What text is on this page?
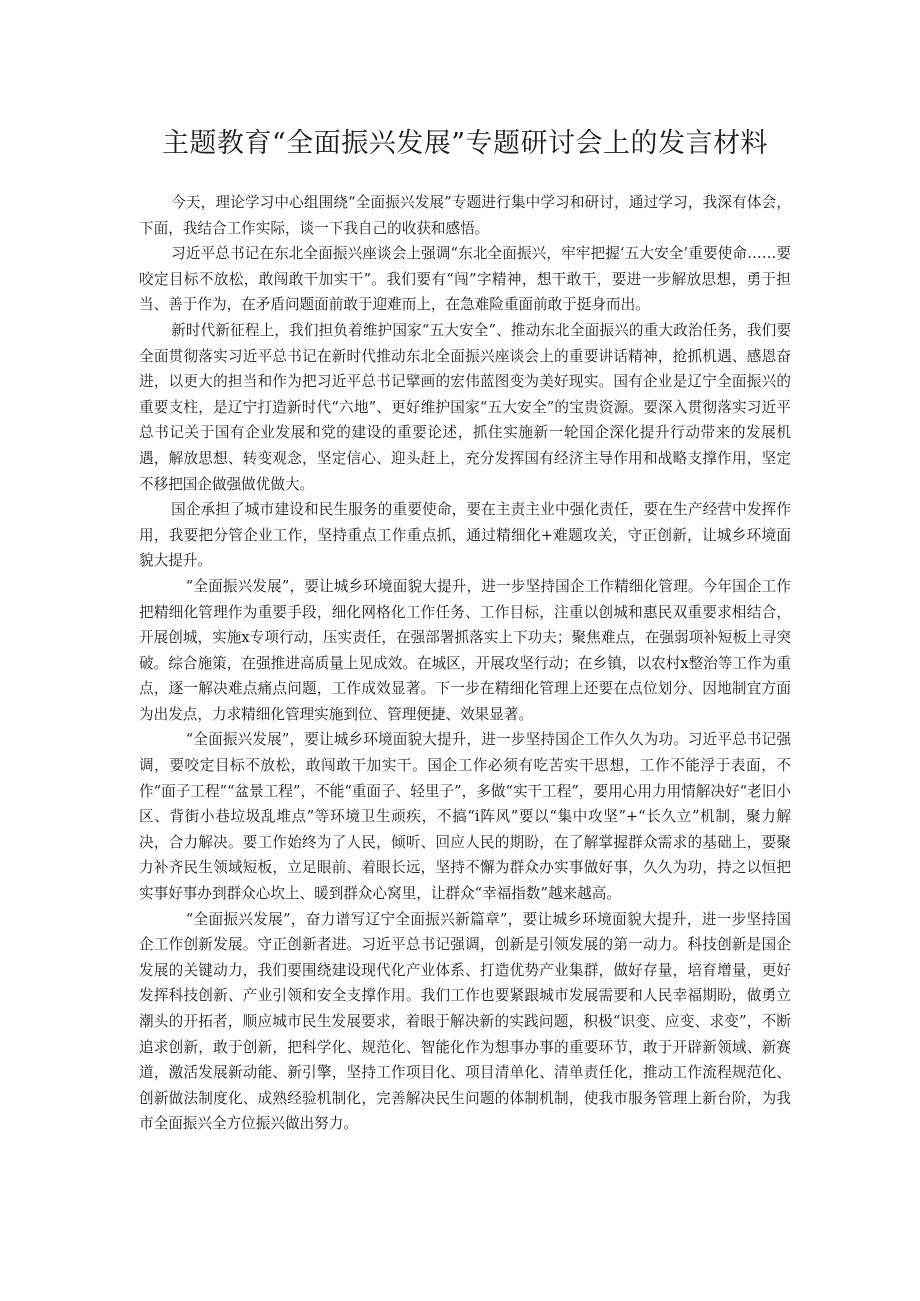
主题教育“全面振兴发展”专题研讨会上的发言材料

今天，理论学习中心组围绕“全面振兴发展”专题进行集中学习和研讨，通过学习，我深有体会，下面，我结合工作实际，谈一下我自己的收获和感悟。

习近平总书记在东北全面振兴座谈会上强调“东北全面振兴，牢牢把握‘五大安全’重要使命……要咬定目标不放松，敢闯敢干加实干”。我们要有“闯”字精神，想干敢干，要进一步解放思想，勇于担当、善于作为，在矛盾问题面前敢于迎难而上，在急难险重面前敢于挺身而出。

新时代新征程上，我们担负着维护国家“五大安全”、推动东北全面振兴的重大政治任务，我们要全面贯彻落实习近平总书记在新时代推动东北全面振兴座谈会上的重要讲话精神，抢抓机遇、感恩奋进，以更大的担当和作为把习近平总书记擘画的宏伟蓝图变为美好现实。国有企业是辽宁全面振兴的重要支柱，是辽宁打造新时代“六地”、更好维护国家“五大安全”的宝贵资源。要深入贯彻落实习近平总书记关于国有企业发展和党的建设的重要论述，抓住实施新一轮国企深化提升行动带来的发展机遇，解放思想、转变观念，坚定信心、迎头赶上，充分发挥国有经济主导作用和战略支撑作用，坚定不移把国企做强做优做大。

国企承担了城市建设和民生服务的重要使命，要在主责主业中强化责任，要在生产经营中发挥作用，我要把分管企业工作，坚持重点工作重点抓，通过精细化+难题攻关，守正创新，让城乡环境面貌大提升。

“全面振兴发展”，要让城乡环境面貌大提升，进一步坚持国企工作精细化管理。今年国企工作把精细化管理作为重要手段，细化网格化工作任务、工作目标，注重以创城和惠民双重要求相结合，开展创城，实施x专项行动，压实责任，在强部署抓落实上下功夫；聚焦难点，在强弱项补短板上寻突破。综合施策，在强推进高质量上见成效。在城区，开展攻坚行动；在乡镇，以农村x整治等工作为重点，逐一解决难点痛点问题，工作成效显著。下一步在精细化管理上还要在点位划分、因地制宜方面为出发点，力求精细化管理实施到位、管理便捷、效果显著。

“全面振兴发展”，要让城乡环境面貌大提升，进一步坚持国企工作久久为功。习近平总书记强调，要咬定目标不放松，敢闯敢干加实干。国企工作必须有吃苦实干思想，工作不能浮于表面，不作“面子工程”“盆景工程”，不能“重面子、轻里子”，多做“实干工程”，要用心用力用情解决好“老旧小区、背街小巷垃圾乱堆点”等环境卫生顽疾，不搞“i阵风”要以“集中攻坚”+“长久立”机制，聚力解决，合力解决。要工作始终为了人民，倾听、回应人民的期盼，在了解掌握群众需求的基础上，要聚力补齐民生领域短板，立足眼前、着眼长远，坚持不懈为群众办实事做好事，久久为功，持之以恒把实事好事办到群众心坎上、暖到群众心窝里，让群众“幸福指数”越来越高。

“全面振兴发展”，奋力谱写辽宁全面振兴新篇章”，要让城乡环境面貌大提升，进一步坚持国企工作创新发展。守正创新者进。习近平总书记强调，创新是引领发展的第一动力。科技创新是国企发展的关键动力，我们要围绕建设现代化产业体系、打造优势产业集群，做好存量，培育增量，更好发挥科技创新、产业引领和安全支撑作用。我们工作也要紧跟城市发展需要和人民幸福期盼，做勇立潮头的开拓者，顺应城市民生发展要求，着眼于解决新的实践问题，积极“识变、应变、求变”，不断追求创新，敢于创新，把科学化、规范化、智能化作为想事办事的重要环节，敢于开辟新领域、新赛道，激活发展新动能、新引擎，坚持工作项目化、项目清单化、清单责任化，推动工作流程规范化、创新做法制度化、成熟经验机制化，完善解决民生问题的体制机制，使我市服务管理上新台阶，为我市全面振兴全方位振兴做出努力。
